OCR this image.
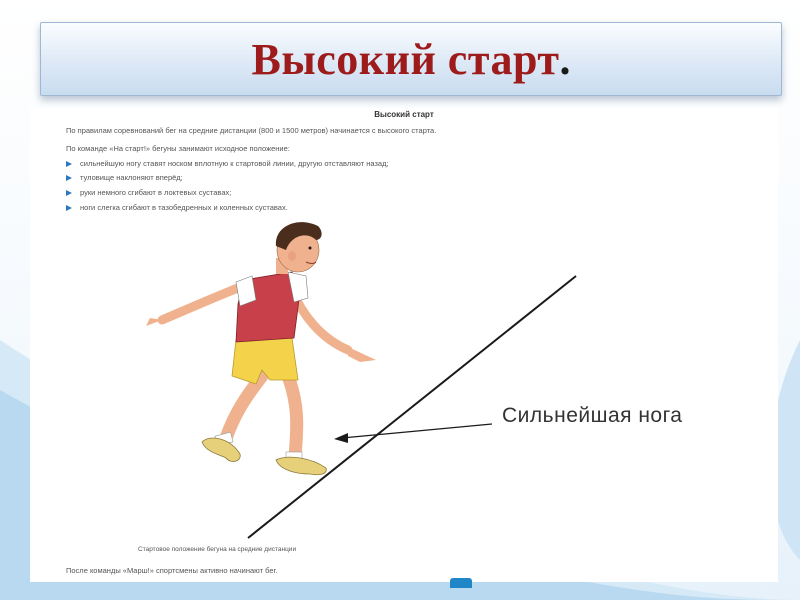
Высокий старт .
Высокий старт
По правилам соревнований бег на средние дистанции (800 и 1500 метров) начинается с высокого старта.
По команде «На старт!» бегуны занимают исходное положение:
сильнейшую ногу ставят носком вплотную к стартовой линии, другую отставляют назад;
туловище наклоняют вперёд;
руки немного сгибают в локтевых суставах;
ноги слегка сгибают в тазобедренных и коленных суставах.
Сильнейшая нога
Стартовое положение бегуна на средние дистанции
После команды «Марш!» спортсмены активно начинают бег.
